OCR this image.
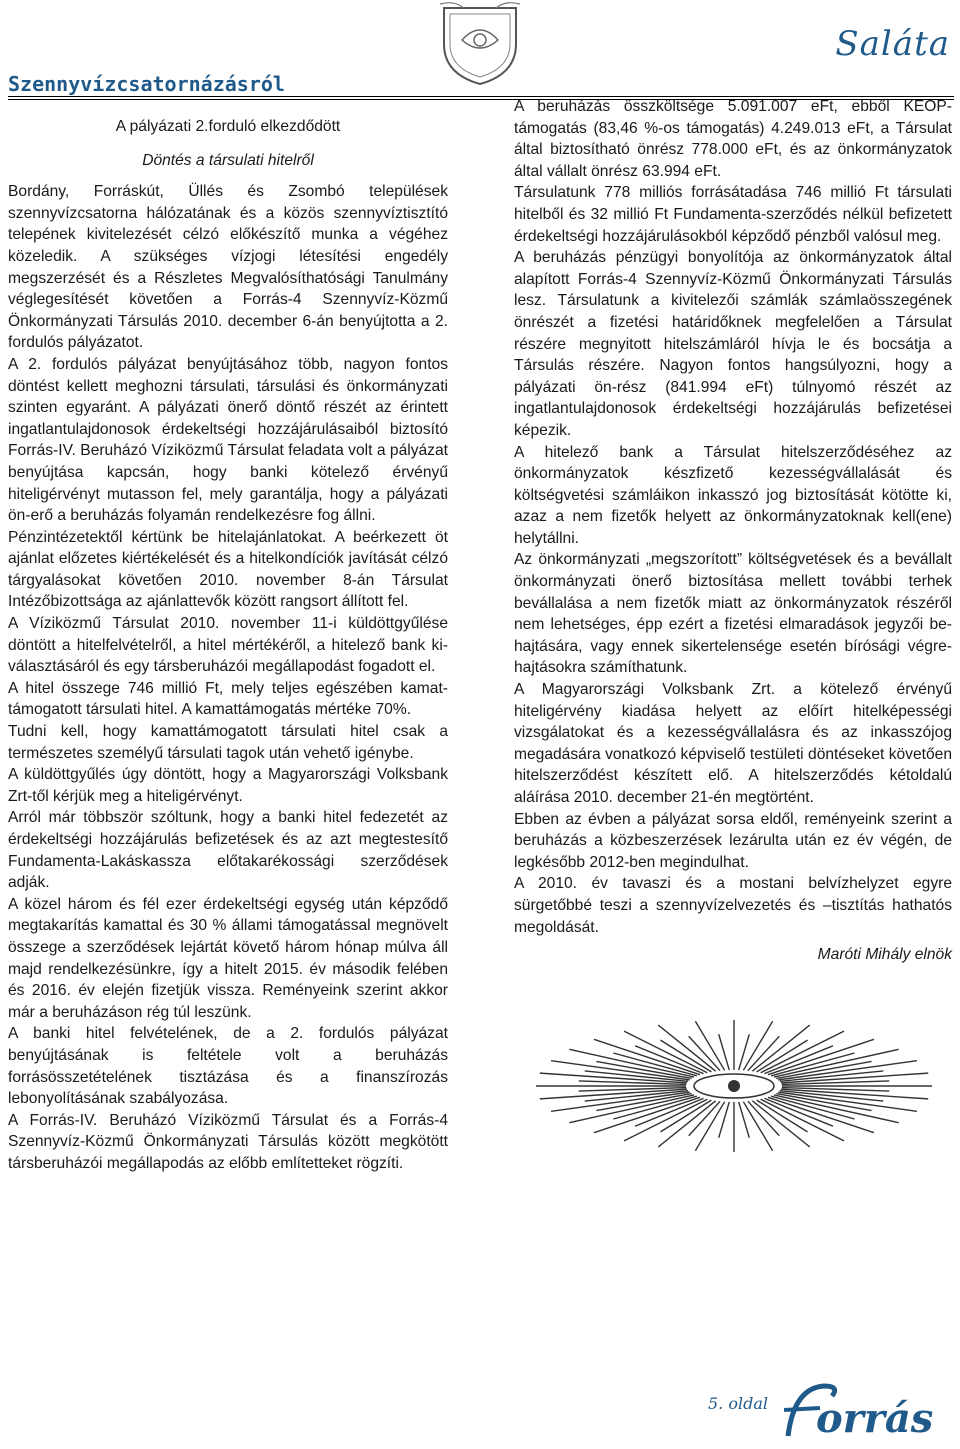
Saláta
Szennyvízcsatornázásról

A pályázati 2.forduló elkezdődött

Döntés a társulati hitelről

Bordány, Forráskút, Üllés és Zsombó települések szennyvízcsatorna hálózatának és a közös szennyvíztisztító telepének kivitelezését célzó előkészítő munka a végéhez közeledik. A szükséges vízjogi létesítési engedély megszerzését és a Részletes Megvalósíthatósági Tanulmány véglegesítését követően a Forrás-4 Szennyvíz-Közmű Önkormányzati Társulás 2010. december 6-án benyújtotta a 2. fordulós pályázatot.

A 2. fordulós pályázat benyújtásához több, nagyon fontos döntést kellett meghozni társulati, társulási és önkormányzati szinten egyaránt. A pályázati önerő döntő részét az érintett ingatlantulajdonosok érdekeltségi hozzájárulásaiból biztosító Forrás-IV. Beruházó Víziközmű Társulat feladata volt a pályázat benyújtása kapcsán, hogy banki kötelező érvényű hiteligérvényt mutasson fel, mely garantálja, hogy a pályázati ön-erő a beruházás folyamán rendelkezésre fog állni.

Pénzintézetektől kértünk be hitelajánlatokat. A beérkezett öt ajánlat előzetes kiértékelését és a hitelkondíciók javítását célzó tárgyalásokat követően 2010. november 8-án Társulat Intézőbizottsága az ajánlattevők között rangsort állított fel.

A Víziközmű Társulat 2010. november 11-i küldöttgyűlése döntött a hitelfelvételről, a hitel mértékéről, a hitelező bank ki-választásáról és egy társberuházói megállapodást fogadott el.

A hitel összege 746 millió Ft, mely teljes egészében kamat-támogatott társulati hitel. A kamattámogatás mértéke 70%.

Tudni kell, hogy kamattámogatott társulati hitel csak a természetes személyű társulati tagok után vehető igénybe.

A küldöttgyűlés úgy döntött, hogy a Magyarországi Volksbank Zrt-től kérjük meg a hiteligérvényt.

Arról már többször szóltunk, hogy a banki hitel fedezetét az érdekeltségi hozzájárulás befizetések és az azt megtestesítő Fundamenta-Lakáskassza előtakarékossági szerződések adják.

A közel három és fél ezer érdekeltségi egység után képződő megtakarítás kamattal és 30 % állami támogatással megnövelt összege a szerződések lejártát követő három hónap múlva áll majd rendelkezésünkre, így a hitelt 2015. év második felében és 2016. év elején fizetjük vissza. Reményeink szerint akkor már a beruházáson rég túl leszünk.

A banki hitel felvételének, de a 2. fordulós pályázat benyújtásának is feltétele volt a beruházás forrásösszetételének tisztázása és a finanszírozás lebonyolításának szabályozása.

A Forrás-IV. Beruházó Víziközmű Társulat és a Forrás-4 Szennyvíz-Közmű Önkormányzati Társulás között megkötött társberuházói megállapodás az előbb említetteket rögzíti.

A beruházás összköltsége 5.091.007 eFt, ebből KEOP-támogatás (83,46 %-os támogatás) 4.249.013 eFt, a Társulat által biztosítható önrész 778.000 eFt, és az önkormányzatok által vállalt önrész 63.994 eFt.

Társulatunk 778 milliós forrásátadása 746 millió Ft társulati hitelből és 32 millió Ft Fundamenta-szerződés nélkül befizetett érdekeltségi hozzájárulásokból képződő pénzből valósul meg.

A beruházás pénzügyi bonyolítója az önkormányzatok által alapított Forrás-4 Szennyvíz-Közmű Önkormányzati Társulás lesz. Társulatunk a kivitelezői számlák számlaösszegének önrészét a fizetési határidőknek megfelelően a Társulat részére megnyitott hitelszámláról hívja le és bocsátja a Társulás részére. Nagyon fontos hangsúlyozni, hogy a pályázati ön-rész (841.994 eFt) túlnyomó részét az ingatlantulajdonosok érdekeltségi hozzájárulás befizetései képezik.

A hitelező bank a Társulat hitelszerződéséhez az önkormányzatok készfizető kezességvállalását és költségvetési számláikon inkasszó jog biztosítását kötötte ki, azaz a nem fizetők helyett az önkormányzatoknak kell(ene) helytállni.

Az önkormányzati „megszorított” költségvetések és a bevállalt önkormányzati önerő biztosítása mellett további terhek bevállalása a nem fizetők miatt az önkormányzatok részéről nem lehetséges, épp ezért a fizetési elmaradások jegyzői be-hajtására, vagy ennek sikertelensége esetén bírósági végre-hajtásokra számíthatunk.

A Magyarországi Volksbank Zrt. a kötelező érvényű hiteligérvény kiadása helyett az előírt hitelképességi vizsgálatokat és a kezességvállalásra és az inkasszójog megadására vonatkozó képviselő testületi döntéseket követően hitelszerződést készített elő. A hitelszerződés kétoldalú aláírása 2010. december 21-én megtörtént.

Ebben az évben a pályázat sorsa eldől, reményeink szerint a beruházás a közbeszerzések lezárulta után ez év végén, de legkésőbb 2012-ben megindulhat.

A 2010. év tavaszi és a mostani belvízhelyzet egyre sürgetőbbé teszi a szennyvízelvezetés és –tisztítás hathatós megoldását.

Maróti Mihály elnök

5. oldal orrás
